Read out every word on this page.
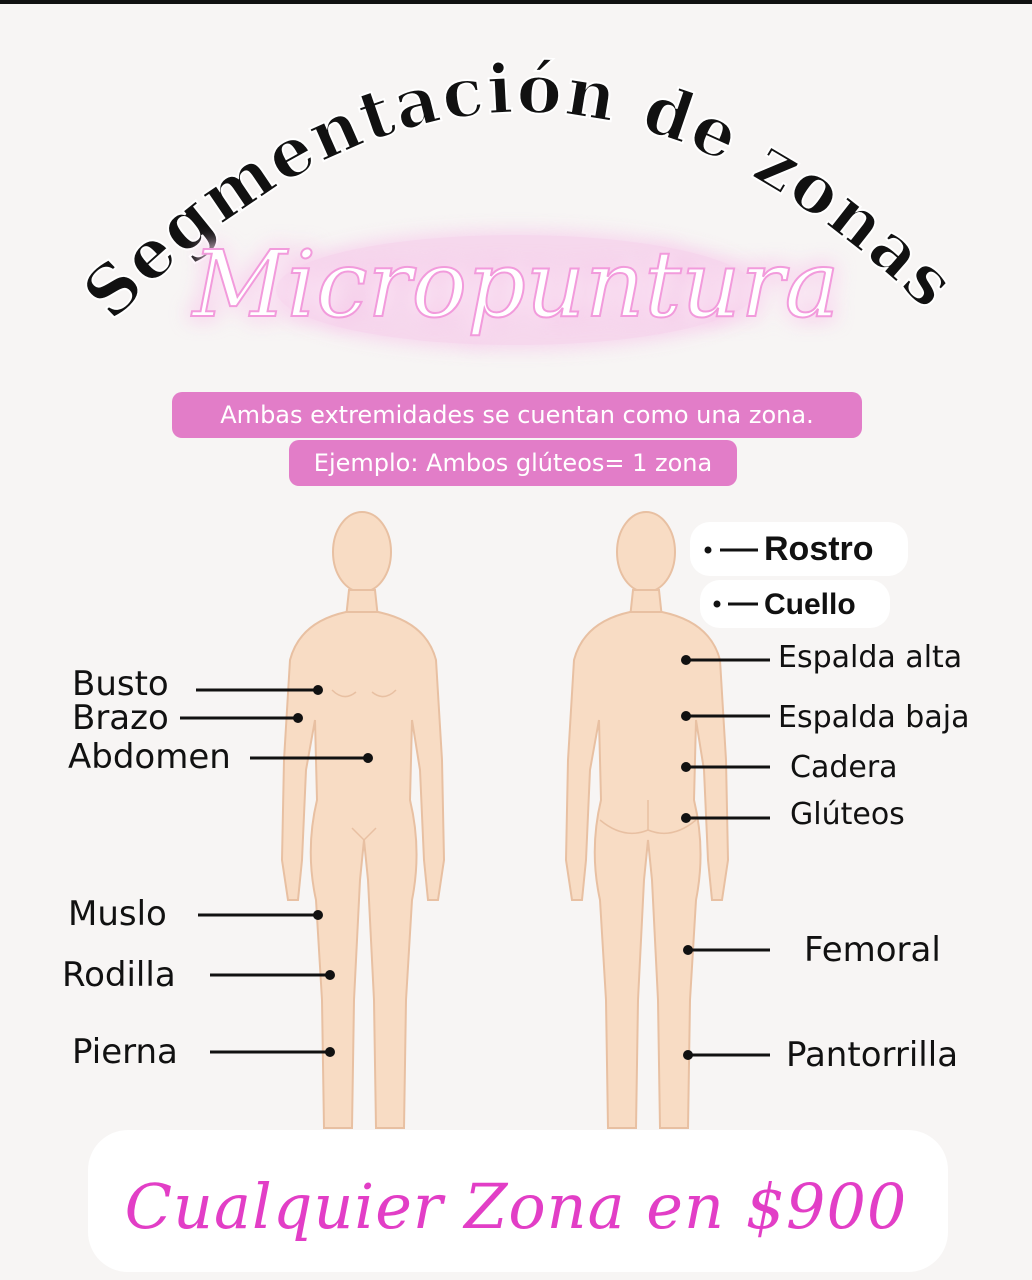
Segmentación de zonas
Micropuntura
Ambas extremidades se cuentan como una zona.
Ejemplo: Ambos glúteos= 1 zona
Busto
Brazo
Abdomen
Muslo
Rodilla
Pierna
Rostro
Cuello
Espalda alta
Espalda baja
Cadera
Glúteos
Femoral
Pantorrilla
Cualquier Zona en $900
